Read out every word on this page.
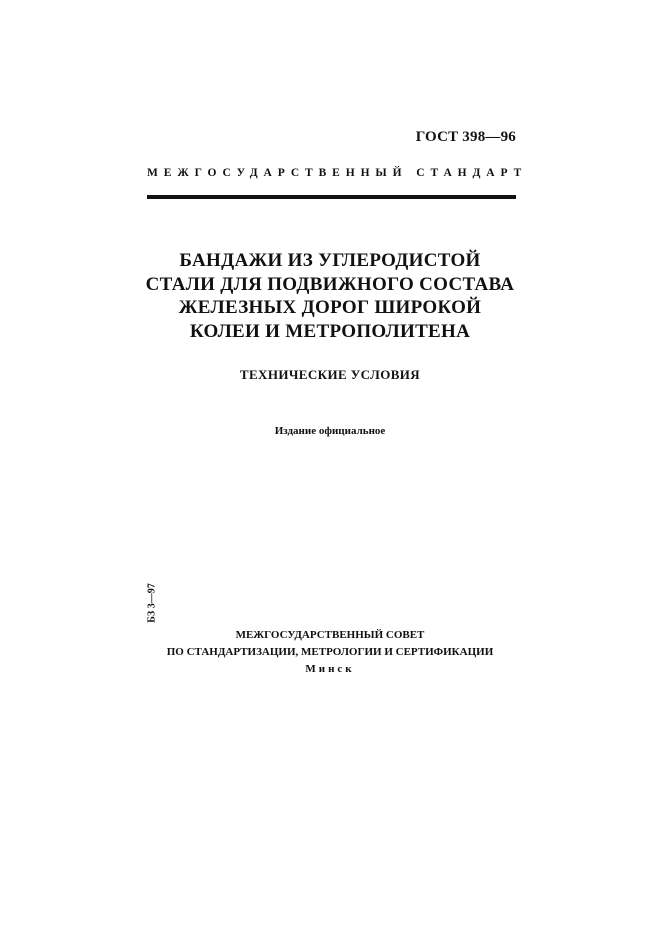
ГОСТ 398—96
МЕЖГОСУДАРСТВЕННЫЙ СТАНДАРТ
БАНДАЖИ ИЗ УГЛЕРОДИСТОЙ
СТАЛИ ДЛЯ ПОДВИЖНОГО СОСТАВА
ЖЕЛЕЗНЫХ ДОРОГ ШИРОКОЙ
КОЛЕИ И МЕТРОПОЛИТЕНА
ТЕХНИЧЕСКИЕ УСЛОВИЯ
Издание официальное
БЗ 3—97
МЕЖГОСУДАРСТВЕННЫЙ СОВЕТ
ПО СТАНДАРТИЗАЦИИ, МЕТРОЛОГИИ И СЕРТИФИКАЦИИ
Минск
